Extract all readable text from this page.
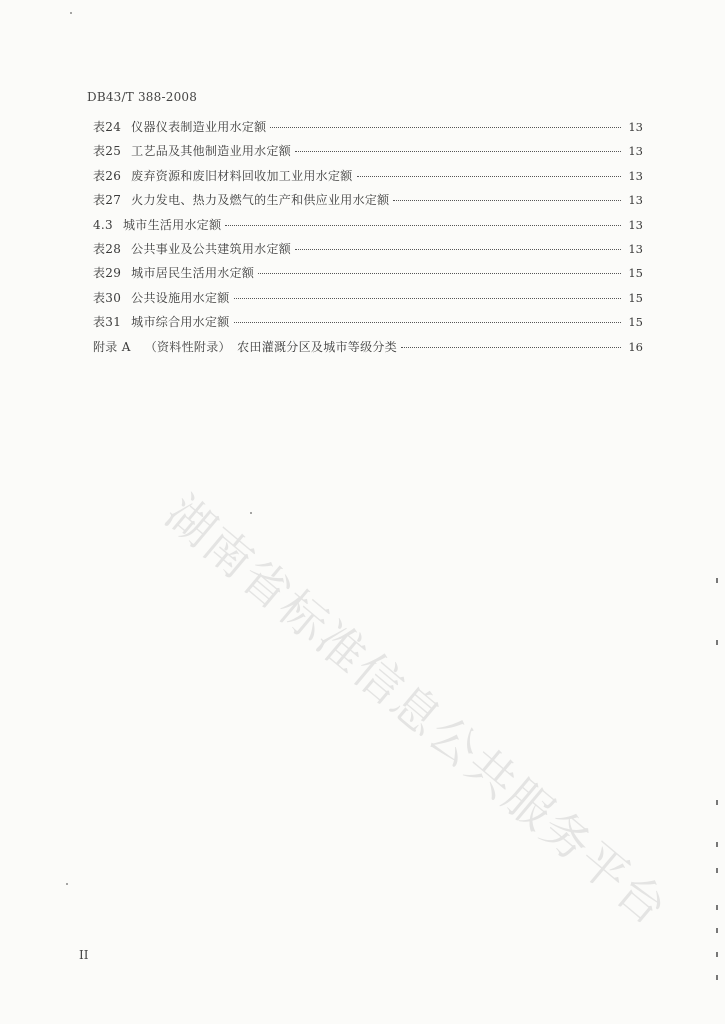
DB43/T 388-2008
表24 仪器仪表制造业用水定额	13
表25 工艺品及其他制造业用水定额	13
表26 废弃资源和废旧材料回收加工业用水定额	13
表27 火力发电、热力及燃气的生产和供应业用水定额	13
4.3 城市生活用水定额	13
表28 公共事业及公共建筑用水定额	13
表29 城市居民生活用水定额	15
表30 公共设施用水定额	15
表31 城市综合用水定额	15
附录 A （资料性附录）　农田灌溉分区及城市等级分类	16
湖南省标准信息公共服务平台
II
